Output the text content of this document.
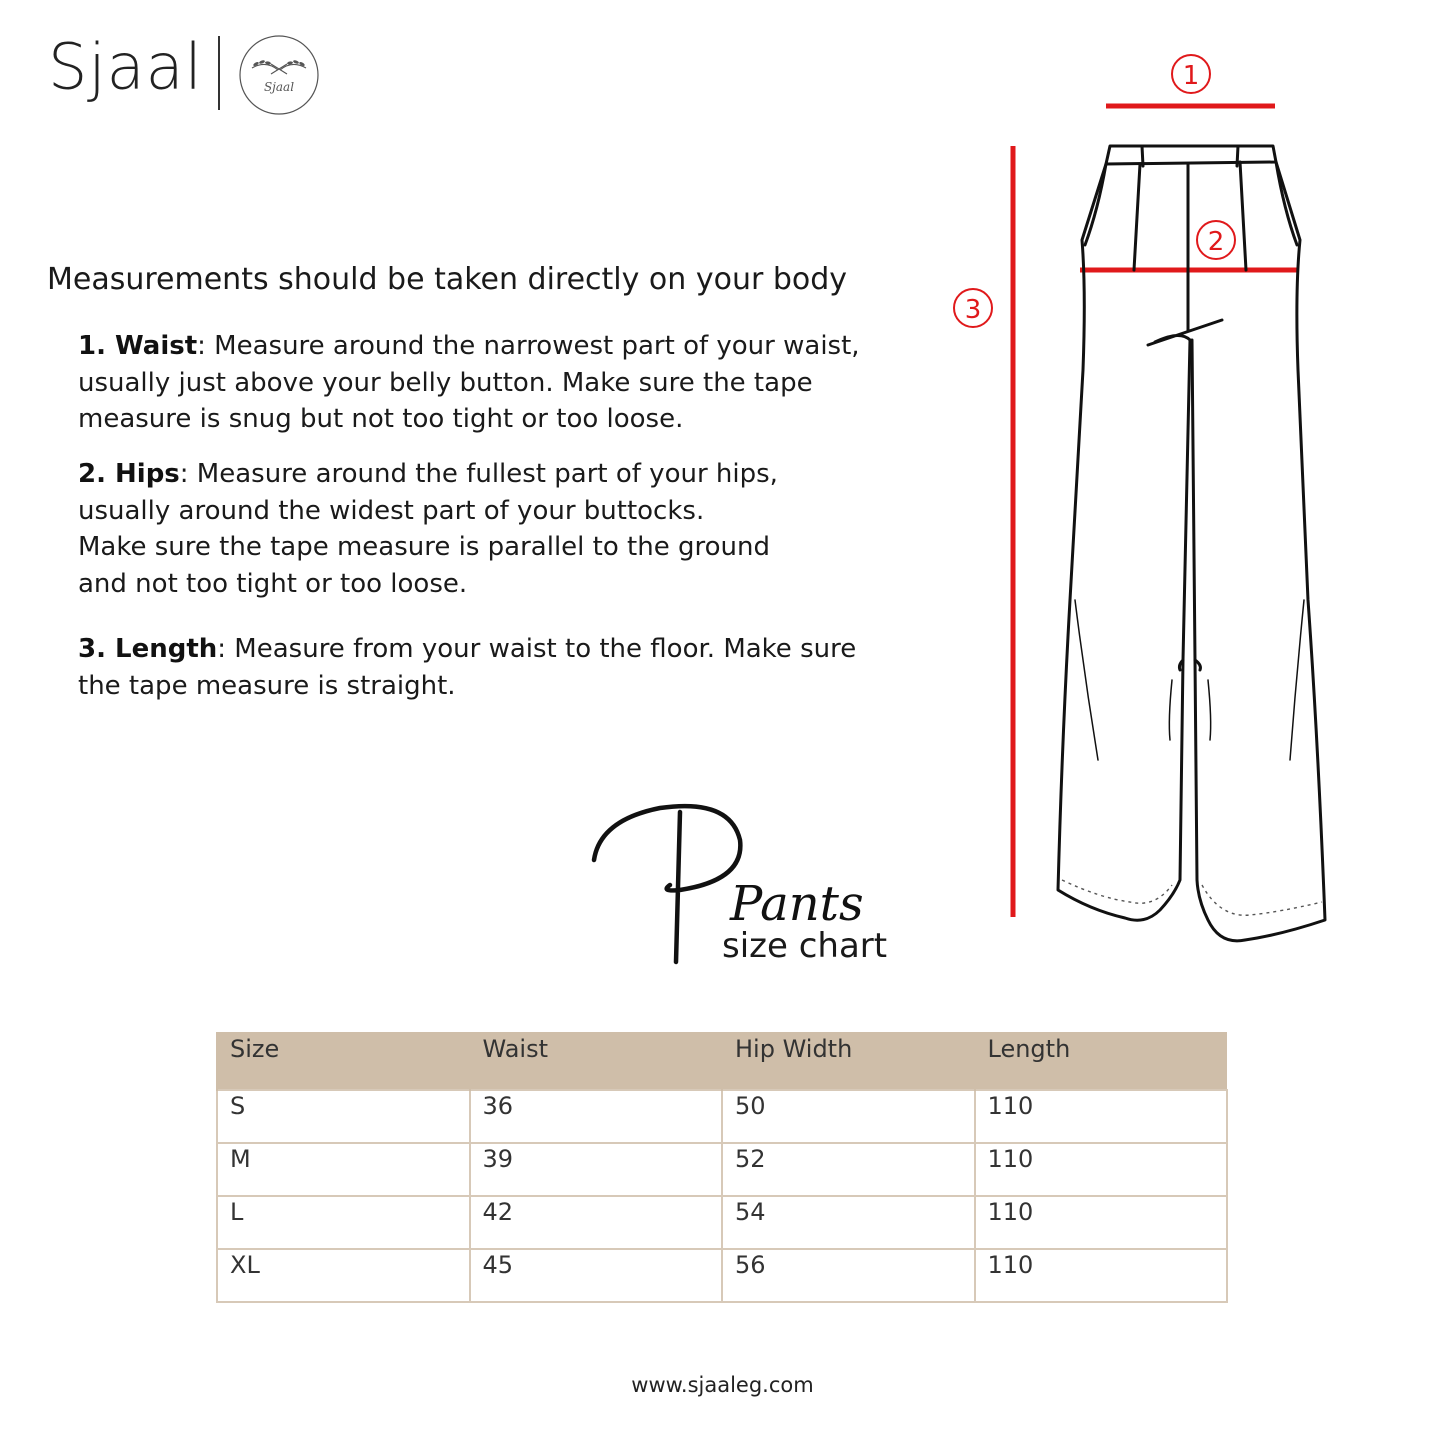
Sjaal	Sjaal
Measurements should be taken directly on your body
1. Waist: Measure around the narrowest part of your waist,
usually just above your belly button. Make sure the tape
measure is snug but not too tight or too loose.
2. Hips: Measure around the fullest part of your hips,
usually around the widest part of your buttocks.
Make sure the tape measure is parallel to the ground
and not too tight or too loose.
3. Length: Measure from your waist to the floor. Make sure
the tape measure is straight.
1
2
3
Pants
size chart
Size	Waist	Hip Width	Length
S	36	50	110
M	39	52	110
L	42	54	110
XL	45	56	110
www.sjaaleg.com
